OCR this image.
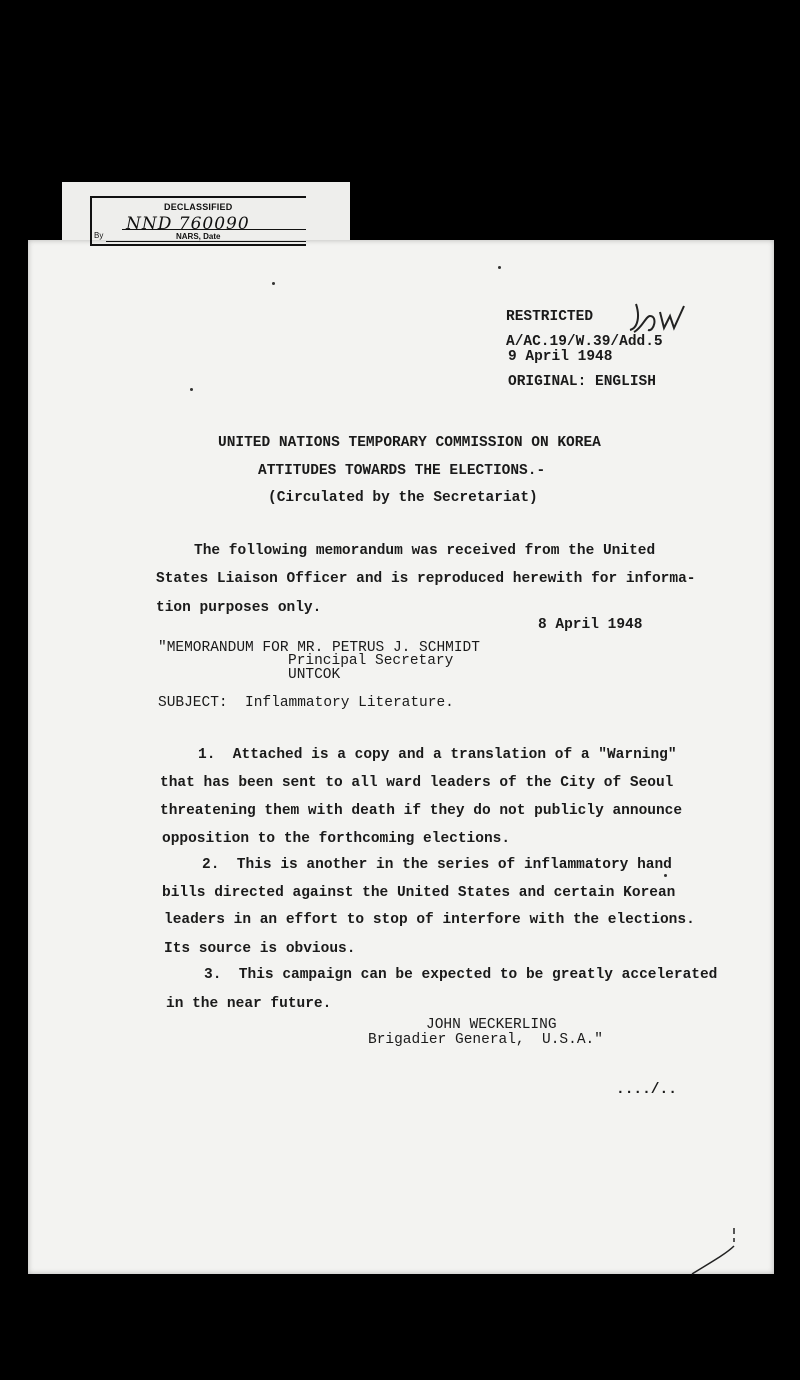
DECLASSIFIED
NND 760090
By	NARS, Date
RESTRICTED
A/AC.19/W.39/Add.5
9 April 1948
ORIGINAL: ENGLISH
UNITED NATIONS TEMPORARY COMMISSION ON KOREA
ATTITUDES TOWARDS THE ELECTIONS.-
(Circulated by the Secretariat)
The following memorandum was received from the United
States Liaison Officer and is reproduced herewith for informa-
tion purposes only.
8 April 1948
"MEMORANDUM FOR MR. PETRUS J. SCHMIDT
Principal Secretary
UNTCOK
SUBJECT:  Inflammatory Literature.
1.  Attached is a copy and a translation of a "Warning"
that has been sent to all ward leaders of the City of Seoul
threatening them with death if they do not publicly announce
opposition to the forthcoming elections.
2.  This is another in the series of inflammatory hand
bills directed against the United States and certain Korean
leaders in an effort to stop of interfore with the elections.
Its source is obvious.
3.  This campaign can be expected to be greatly accelerated
in the near future.
JOHN WECKERLING
Brigadier General,  U.S.A."
..../..
